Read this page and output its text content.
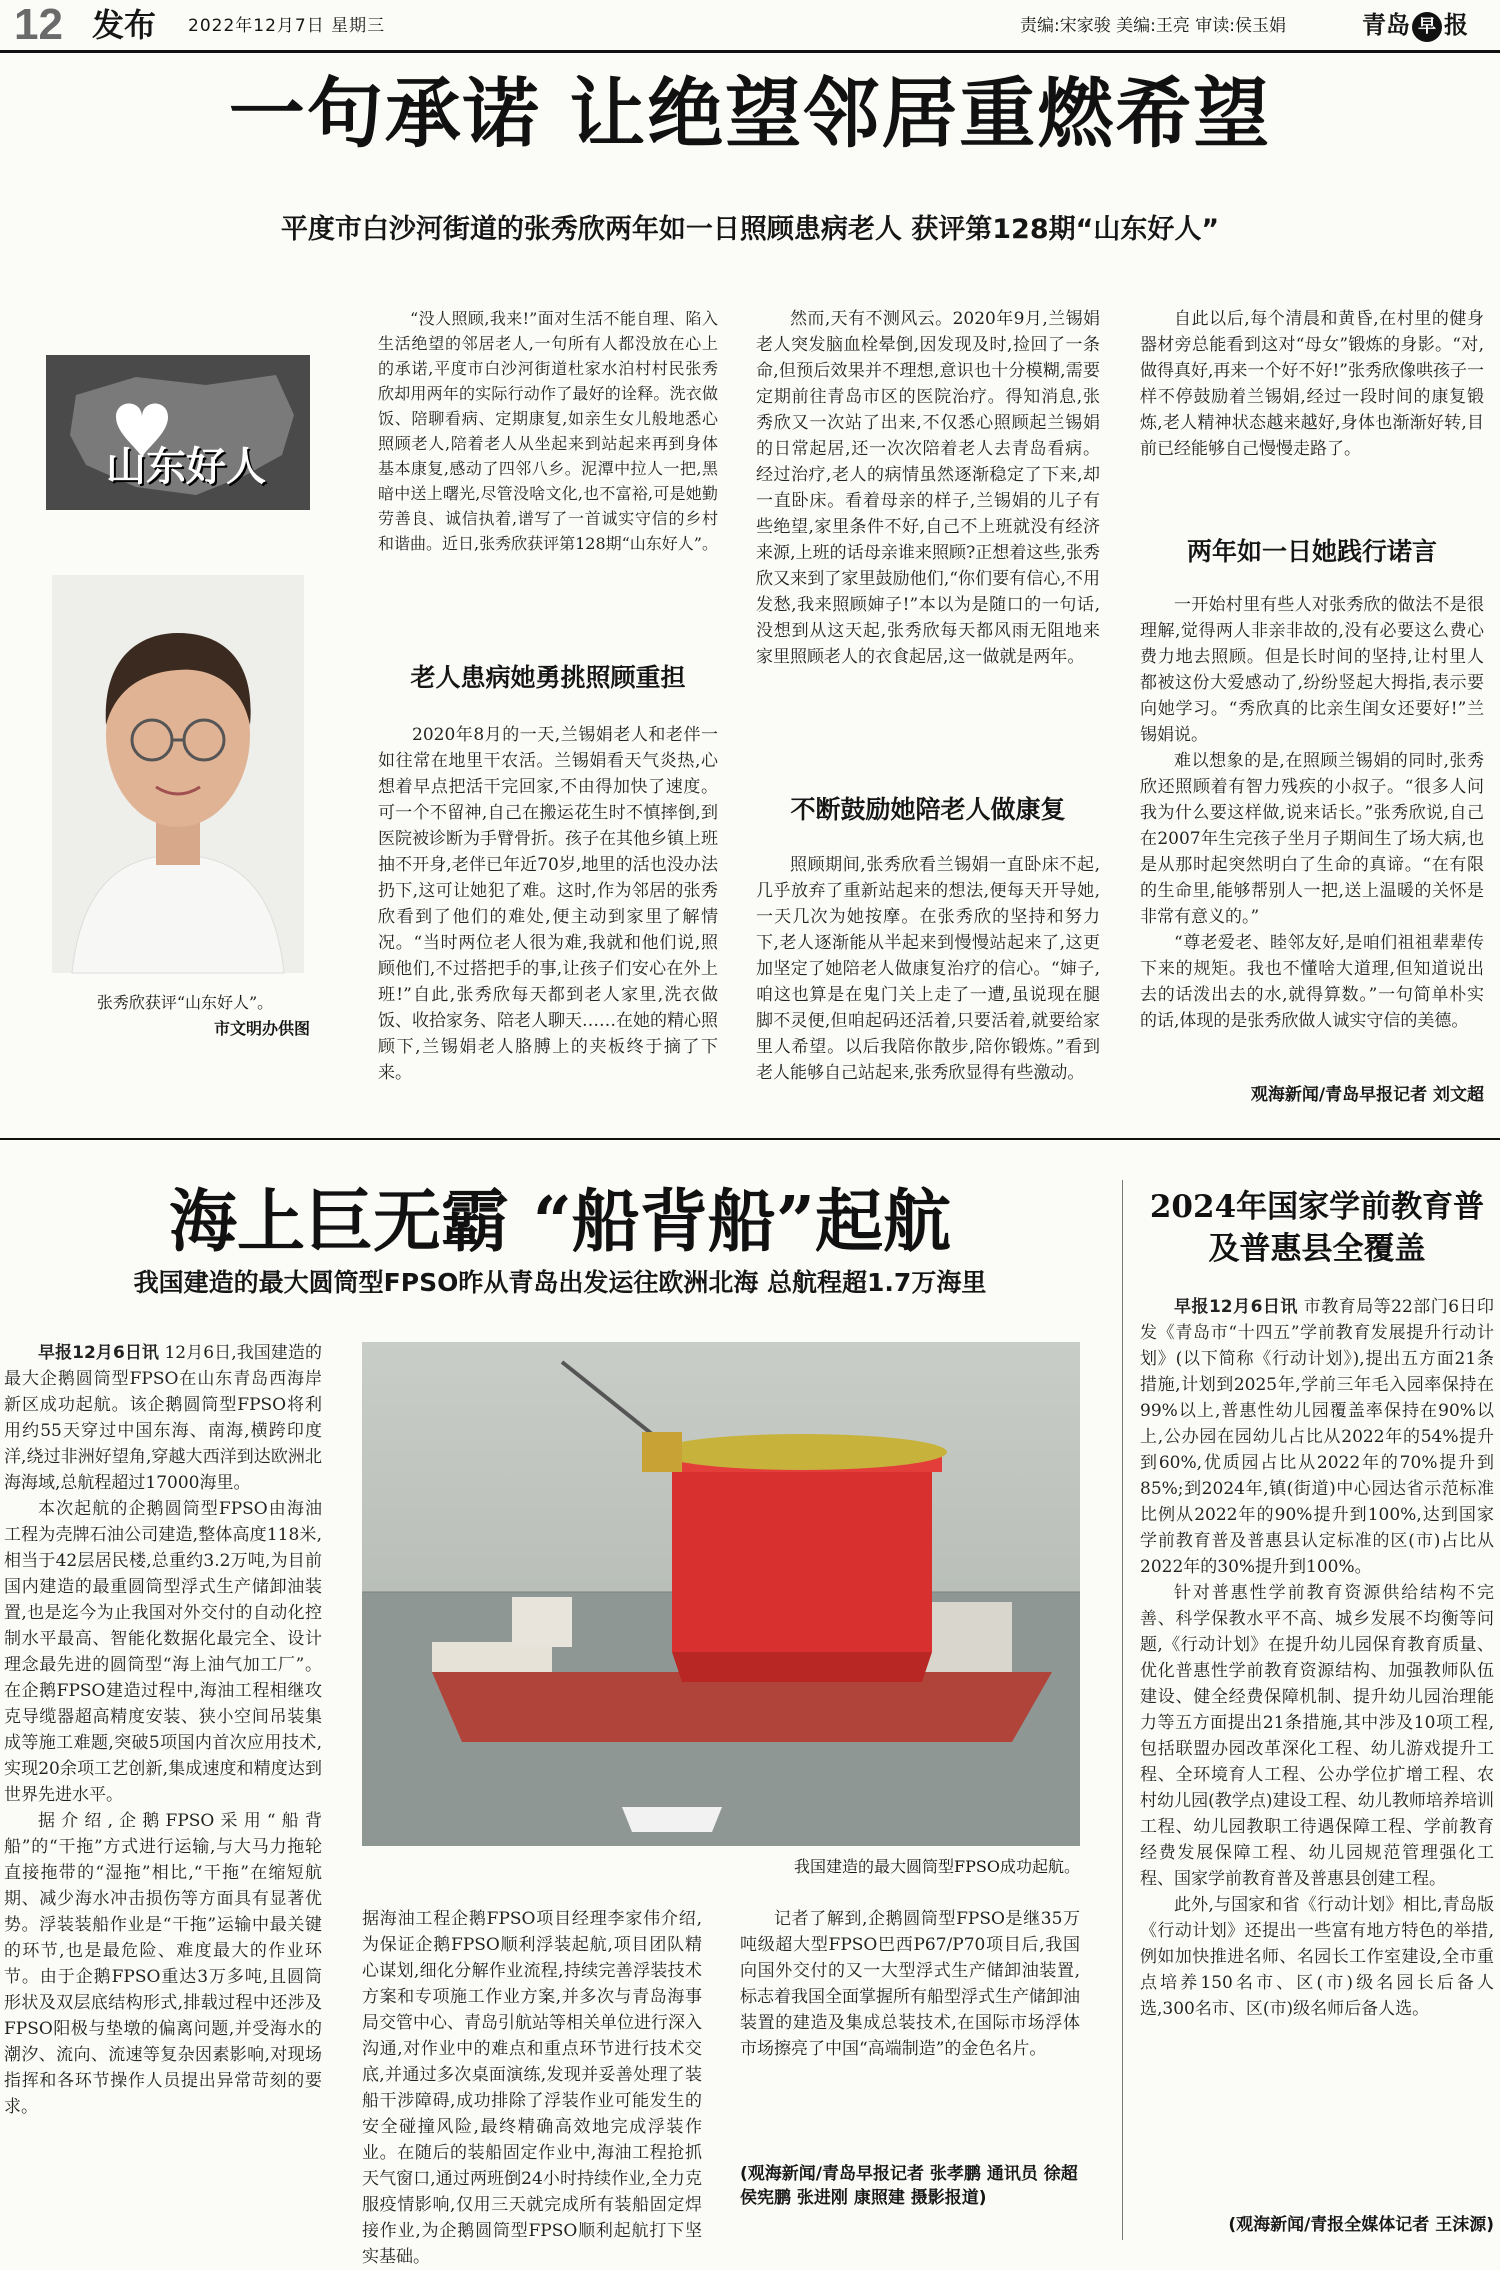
12 发布 2022年12月7日 星期三	责编:宋家骏 美编:王亮 审读:侯玉娟	青岛 早 报
一句承诺 让绝望邻居重燃希望
平度市白沙河街道的张秀欣两年如一日照顾患病老人 获评第128期“山东好人”
山东好人
张秀欣获评“山东好人”。
市文明办供图

“没人照顾,我来!”面对生活不能自理、陷入生活绝望的邻居老人,一句所有人都没放在心上的承诺,平度市白沙河街道杜家水泊村村民张秀欣却用两年的实际行动作了最好的诠释。洗衣做饭、陪聊看病、定期康复,如亲生女儿般地悉心照顾老人,陪着老人从坐起来到站起来再到身体基本康复,感动了四邻八乡。泥潭中拉人一把,黑暗中送上曙光,尽管没啥文化,也不富裕,可是她勤劳善良、诚信执着,谱写了一首诚实守信的乡村和谐曲。近日,张秀欣获评第128期“山东好人”。

老人患病她勇挑照顾重担

2020年8月的一天,兰锡娟老人和老伴一如往常在地里干农活。兰锡娟看天气炎热,心想着早点把活干完回家,不由得加快了速度。可一个不留神,自己在搬运花生时不慎摔倒,到医院被诊断为手臂骨折。孩子在其他乡镇上班抽不开身,老伴已年近70岁,地里的活也没办法扔下,这可让她犯了难。这时,作为邻居的张秀欣看到了他们的难处,便主动到家里了解情况。“当时两位老人很为难,我就和他们说,照顾他们,不过搭把手的事,让孩子们安心在外上班!”自此,张秀欣每天都到老人家里,洗衣做饭、收拾家务、陪老人聊天……在她的精心照顾下,兰锡娟老人胳膊上的夹板终于摘了下来。

然而,天有不测风云。2020年9月,兰锡娟老人突发脑血栓晕倒,因发现及时,捡回了一条命,但预后效果并不理想,意识也十分模糊,需要定期前往青岛市区的医院治疗。得知消息,张秀欣又一次站了出来,不仅悉心照顾起兰锡娟的日常起居,还一次次陪着老人去青岛看病。经过治疗,老人的病情虽然逐渐稳定了下来,却一直卧床。看着母亲的样子,兰锡娟的儿子有些绝望,家里条件不好,自己不上班就没有经济来源,上班的话母亲谁来照顾?正想着这些,张秀欣又来到了家里鼓励他们,“你们要有信心,不用发愁,我来照顾婶子!”本以为是随口的一句话,没想到从这天起,张秀欣每天都风雨无阻地来家里照顾老人的衣食起居,这一做就是两年。

不断鼓励她陪老人做康复

照顾期间,张秀欣看兰锡娟一直卧床不起,几乎放弃了重新站起来的想法,便每天开导她,一天几次为她按摩。在张秀欣的坚持和努力下,老人逐渐能从半起来到慢慢站起来了,这更加坚定了她陪老人做康复治疗的信心。“婶子,咱这也算是在鬼门关上走了一遭,虽说现在腿脚不灵便,但咱起码还活着,只要活着,就要给家里人希望。以后我陪你散步,陪你锻炼。”看到老人能够自己站起来,张秀欣显得有些激动。

自此以后,每个清晨和黄昏,在村里的健身器材旁总能看到这对“母女”锻炼的身影。“对,做得真好,再来一个好不好!”张秀欣像哄孩子一样不停鼓励着兰锡娟,经过一段时间的康复锻炼,老人精神状态越来越好,身体也渐渐好转,目前已经能够自己慢慢走路了。

两年如一日她践行诺言

一开始村里有些人对张秀欣的做法不是很理解,觉得两人非亲非故的,没有必要这么费心费力地去照顾。但是长时间的坚持,让村里人都被这份大爱感动了,纷纷竖起大拇指,表示要向她学习。“秀欣真的比亲生闺女还要好!”兰锡娟说。

难以想象的是,在照顾兰锡娟的同时,张秀欣还照顾着有智力残疾的小叔子。“很多人问我为什么要这样做,说来话长。”张秀欣说,自己在2007年生完孩子坐月子期间生了场大病,也是从那时起突然明白了生命的真谛。“在有限的生命里,能够帮别人一把,送上温暖的关怀是非常有意义的。”

“尊老爱老、睦邻友好,是咱们祖祖辈辈传下来的规矩。我也不懂啥大道理,但知道说出去的话泼出去的水,就得算数。”一句简单朴实的话,体现的是张秀欣做人诚实守信的美德。

观海新闻/青岛早报记者 刘文超
海上巨无霸 “船背船”起航
我国建造的最大圆筒型FPSO昨从青岛出发运往欧洲北海 总航程超1.7万海里

早报12月6日讯 12月6日,我国建造的最大企鹅圆筒型FPSO在山东青岛西海岸新区成功起航。该企鹅圆筒型FPSO将利用约55天穿过中国东海、南海,横跨印度洋,绕过非洲好望角,穿越大西洋到达欧洲北海海域,总航程超过17000海里。

本次起航的企鹅圆筒型FPSO由海油工程为壳牌石油公司建造,整体高度118米,相当于42层居民楼,总重约3.2万吨,为目前国内建造的最重圆筒型浮式生产储卸油装置,也是迄今为止我国对外交付的自动化控制水平最高、智能化数据化最完全、设计理念最先进的圆筒型“海上油气加工厂”。在企鹅FPSO建造过程中,海油工程相继攻克导缆器超高精度安装、狭小空间吊装集成等施工难题,突破5项国内首次应用技术,实现20余项工艺创新,集成速度和精度达到世界先进水平。

据介绍,企鹅FPSO采用“船背船”的“干拖”方式进行运输,与大马力拖轮直接拖带的“湿拖”相比,“干拖”在缩短航期、减少海水冲击损伤等方面具有显著优势。浮装装船作业是“干拖”运输中最关键的环节,也是最危险、难度最大的作业环节。由于企鹅FPSO重达3万多吨,且圆筒形状及双层底结构形式,排载过程中还涉及FPSO阳极与垫墩的偏离问题,并受海水的潮汐、流向、流速等复杂因素影响,对现场指挥和各环节操作人员提出异常苛刻的要求。

我国建造的最大圆筒型FPSO成功起航。

据海油工程企鹅FPSO项目经理李家伟介绍,为保证企鹅FPSO顺利浮装起航,项目团队精心谋划,细化分解作业流程,持续完善浮装技术方案和专项施工作业方案,并多次与青岛海事局交管中心、青岛引航站等相关单位进行深入沟通,对作业中的难点和重点环节进行技术交底,并通过多次桌面演练,发现并妥善处理了装船干涉障碍,成功排除了浮装作业可能发生的安全碰撞风险,最终精确高效地完成浮装作业。在随后的装船固定作业中,海油工程抢抓天气窗口,通过两班倒24小时持续作业,全力克服疫情影响,仅用三天就完成所有装船固定焊接作业,为企鹅圆筒型FPSO顺利起航打下坚实基础。

记者了解到,企鹅圆筒型FPSO是继35万吨级超大型FPSO巴西P67/P70项目后,我国向国外交付的又一大型浮式生产储卸油装置,标志着我国全面掌握所有船型浮式生产储卸油装置的建造及集成总装技术,在国际市场浮体市场擦亮了中国“高端制造”的金色名片。

(观海新闻/青岛早报记者 张孝鹏 通讯员 徐超 侯宪鹏 张进刚 康照建 摄影报道)
2024年国家学前教育普及普惠县全覆盖

早报12月6日讯 市教育局等22部门6日印发《青岛市“十四五”学前教育发展提升行动计划》(以下简称《行动计划》),提出五方面21条措施,计划到2025年,学前三年毛入园率保持在99%以上,普惠性幼儿园覆盖率保持在90%以上,公办园在园幼儿占比从2022年的54%提升到60%,优质园占比从2022年的70%提升到85%;到2024年,镇(街道)中心园达省示范标准比例从2022年的90%提升到100%,达到国家学前教育普及普惠县认定标准的区(市)占比从2022年的30%提升到100%。

针对普惠性学前教育资源供给结构不完善、科学保教水平不高、城乡发展不均衡等问题,《行动计划》在提升幼儿园保育教育质量、优化普惠性学前教育资源结构、加强教师队伍建设、健全经费保障机制、提升幼儿园治理能力等五方面提出21条措施,其中涉及10项工程,包括联盟办园改革深化工程、幼儿游戏提升工程、全环境育人工程、公办学位扩增工程、农村幼儿园(教学点)建设工程、幼儿教师培养培训工程、幼儿园教职工待遇保障工程、学前教育经费发展保障工程、幼儿园规范管理强化工程、国家学前教育普及普惠县创建工程。

此外,与国家和省《行动计划》相比,青岛版《行动计划》还提出一些富有地方特色的举措,例如加快推进名师、名园长工作室建设,全市重点培养150名市、区(市)级名园长后备人选,300名市、区(市)级名师后备人选。

(观海新闻/青报全媒体记者 王沫源)
